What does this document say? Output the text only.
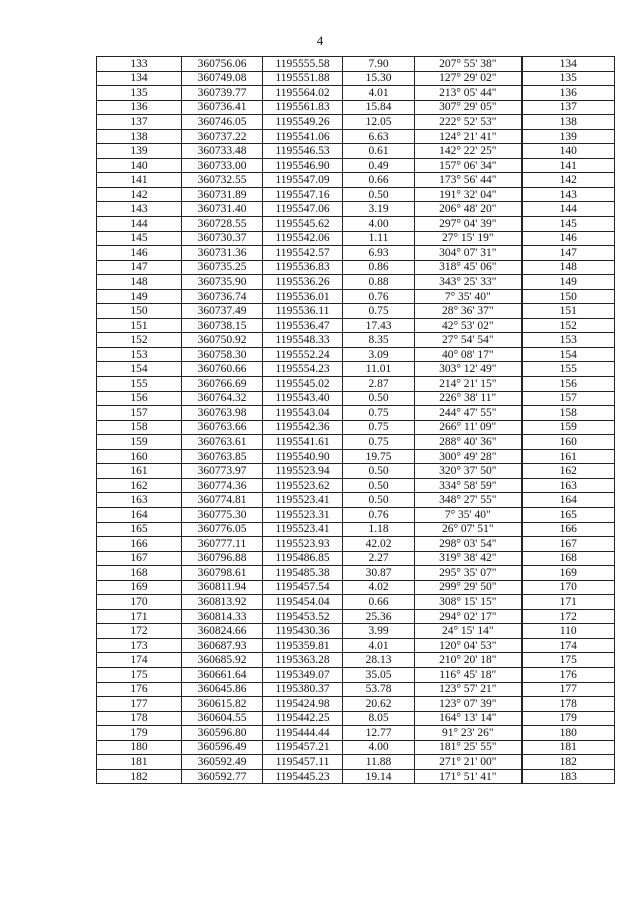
4
133	360756.06	1195555.58	7.90	207° 55' 38"	134
134	360749.08	1195551.88	15.30	127° 29' 02"	135
135	360739.77	1195564.02	4.01	213° 05' 44"	136
136	360736.41	1195561.83	15.84	307° 29' 05"	137
137	360746.05	1195549.26	12.05	222° 52' 53"	138
138	360737.22	1195541.06	6.63	124° 21' 41"	139
139	360733.48	1195546.53	0.61	142° 22' 25"	140
140	360733.00	1195546.90	0.49	157° 06' 34"	141
141	360732.55	1195547.09	0.66	173° 56' 44"	142
142	360731.89	1195547.16	0.50	191° 32' 04"	143
143	360731.40	1195547.06	3.19	206° 48' 20"	144
144	360728.55	1195545.62	4.00	297° 04' 39"	145
145	360730.37	1195542.06	1.11	27° 15' 19"	146
146	360731.36	1195542.57	6.93	304° 07' 31"	147
147	360735.25	1195536.83	0.86	318° 45' 06"	148
148	360735.90	1195536.26	0.88	343° 25' 33"	149
149	360736.74	1195536.01	0.76	7° 35' 40"	150
150	360737.49	1195536.11	0.75	28° 36' 37"	151
151	360738.15	1195536.47	17.43	42° 53' 02"	152
152	360750.92	1195548.33	8.35	27° 54' 54"	153
153	360758.30	1195552.24	3.09	40° 08' 17"	154
154	360760.66	1195554.23	11.01	303° 12' 49"	155
155	360766.69	1195545.02	2.87	214° 21' 15"	156
156	360764.32	1195543.40	0.50	226° 38' 11"	157
157	360763.98	1195543.04	0.75	244° 47' 55"	158
158	360763.66	1195542.36	0.75	266° 11' 09"	159
159	360763.61	1195541.61	0.75	288° 40' 36"	160
160	360763.85	1195540.90	19.75	300° 49' 28"	161
161	360773.97	1195523.94	0.50	320° 37' 50"	162
162	360774.36	1195523.62	0.50	334° 58' 59"	163
163	360774.81	1195523.41	0.50	348° 27' 55"	164
164	360775.30	1195523.31	0.76	7° 35' 40"	165
165	360776.05	1195523.41	1.18	26° 07' 51"	166
166	360777.11	1195523.93	42.02	298° 03' 54"	167
167	360796.88	1195486.85	2.27	319° 38' 42"	168
168	360798.61	1195485.38	30.87	295° 35' 07"	169
169	360811.94	1195457.54	4.02	299° 29' 50"	170
170	360813.92	1195454.04	0.66	308° 15' 15"	171
171	360814.33	1195453.52	25.36	294° 02' 17"	172
172	360824.66	1195430.36	3.99	24° 15' 14"	110
173	360687.93	1195359.81	4.01	120° 04' 53"	174
174	360685.92	1195363.28	28.13	210° 20' 18"	175
175	360661.64	1195349.07	35.05	116° 45' 18"	176
176	360645.86	1195380.37	53.78	123° 57' 21"	177
177	360615.82	1195424.98	20.62	123° 07' 39"	178
178	360604.55	1195442.25	8.05	164° 13' 14"	179
179	360596.80	1195444.44	12.77	91° 23' 26"	180
180	360596.49	1195457.21	4.00	181° 25' 55"	181
181	360592.49	1195457.11	11.88	271° 21' 00"	182
182	360592.77	1195445.23	19.14	171° 51' 41"	183
